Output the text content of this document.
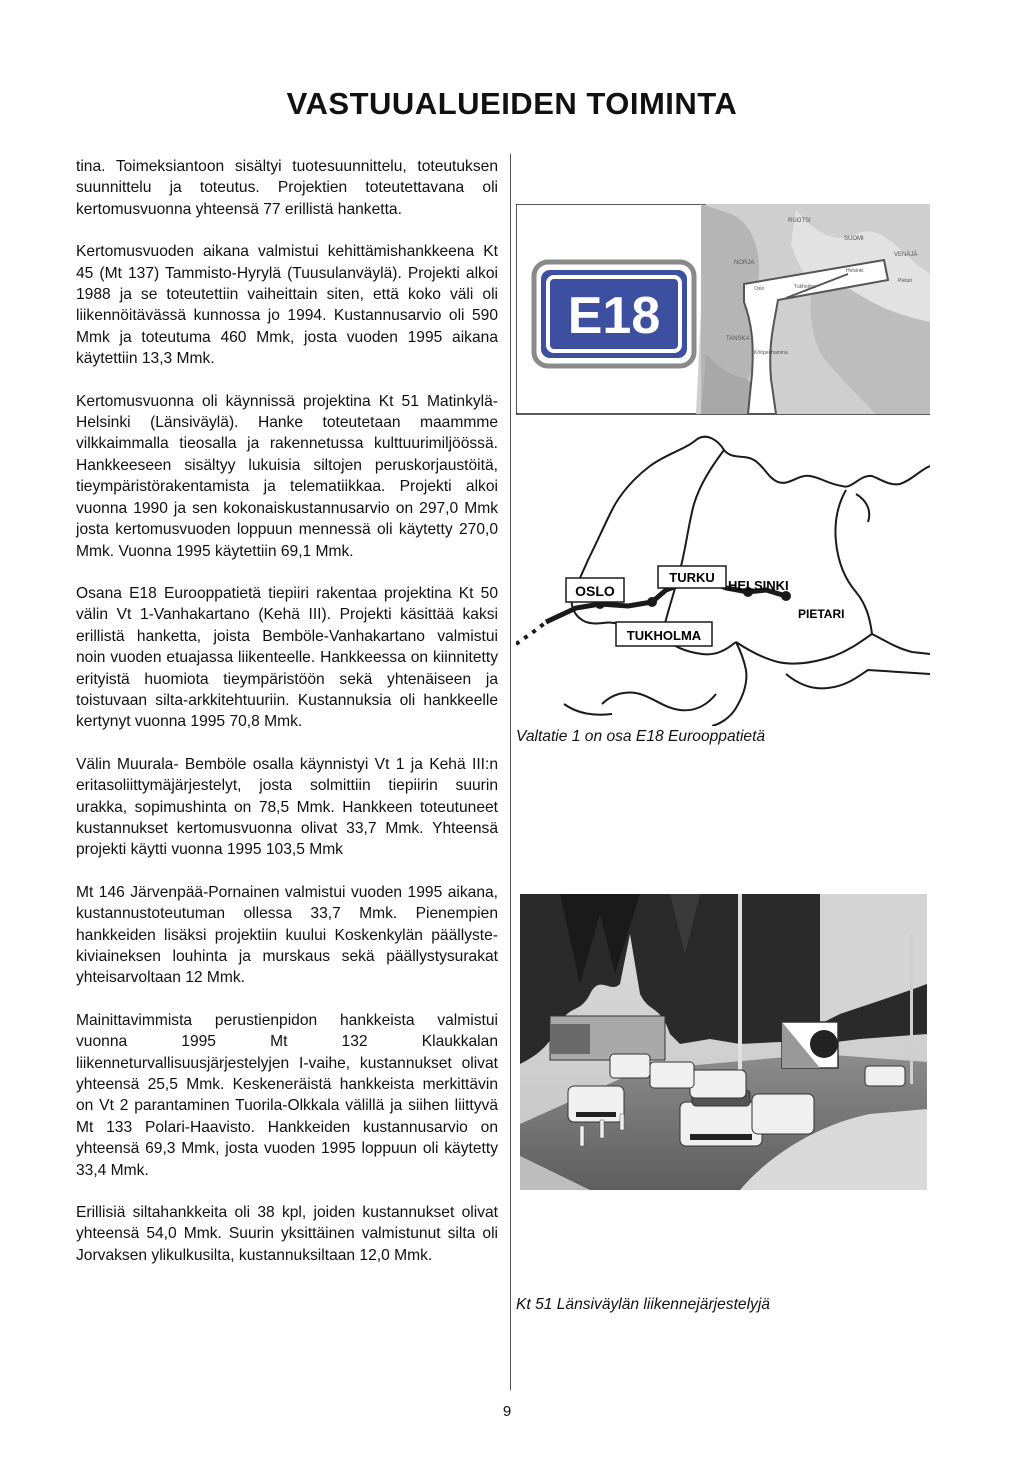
VASTUUALUEIDEN TOIMINTA

tina. Toimeksiantoon sisältyi tuotesuunnittelu, toteutuksen suunnittelu ja toteutus. Projektien toteutettavana oli kertomusvuonna yhteensä 77 erillistä hanketta.

Kertomusvuoden aikana valmistui kehittämishankkeena Kt 45 (Mt 137) Tammisto-Hyrylä (Tuusulanväylä). Projekti alkoi 1988 ja se toteutettiin vaiheittain siten, että koko väli oli liikennöitävässä kunnossa jo 1994. Kustannusarvio oli 590 Mmk ja toteutuma 460 Mmk, josta vuoden 1995 aikana käytettiin 13,3 Mmk.

Kertomusvuonna oli käynnissä projektina Kt 51 Matinkylä-Helsinki (Länsiväylä). Hanke toteutetaan maammme vilkkaimmalla tieosalla ja rakennetussa kulttuurimiljöössä. Hankkeeseen sisältyy lukuisia siltojen peruskorjaustöitä, tieympäristörakentamista ja telematiikkaa. Projekti alkoi vuonna 1990 ja sen kokonaiskustannusarvio on 297,0 Mmk josta kertomusvuoden loppuun mennessä oli käytetty 270,0 Mmk. Vuonna 1995 käytettiin 69,1 Mmk.

Osana E18 Eurooppatietä tiepiiri rakentaa projektina Kt 50 välin Vt 1-Vanhakartano (Kehä III). Projekti käsittää kaksi erillistä hanketta, joista Bemböle-Vanhakartano valmistui noin vuoden etuajassa liikenteelle. Hankkeessa on kiinnitetty erityistä huomiota tieympäristöön sekä yhtenäiseen ja toistuvaan silta-arkkitehtuuriin. Kustannuksia oli hankkeelle kertynyt vuonna 1995 70,8 Mmk.

Välin Muurala- Bemböle osalla käynnistyi Vt 1 ja Kehä III:n eritasoliittymäjärjestelyt, josta solmittiin tiepiirin suurin urakka, sopimushinta on 78,5 Mmk. Hankkeen toteutuneet kustannukset kertomusvuonna olivat 33,7 Mmk. Yhteensä projekti käytti vuonna 1995 103,5 Mmk

Mt 146 Järvenpää-Pornainen valmistui vuoden 1995 aikana, kustannustoteutuman ollessa 33,7 Mmk. Pienempien hankkeiden lisäksi projektiin kuului Koskenkylän päällyste- kiviaineksen louhinta ja murskaus sekä päällystysurakat yhteisarvoltaan 12 Mmk.

Mainittavimmista perustienpidon hankkeista valmistui vuonna 1995 Mt 132 Klaukkalan liikenneturvallisuusjärjestelyjen I-vaihe, kustannukset olivat yhteensä 25,5 Mmk. Keskeneräistä hankkeista merkittävin on Vt 2 parantaminen Tuorila-Olkkala välillä ja siihen liittyvä Mt 133 Polari-Haavisto. Hankkeiden kustannusarvio on yhteensä 69,3 Mmk, josta vuoden 1995 loppuun oli käytetty 33,4 Mmk.

Erillisiä siltahankkeita oli 38 kpl, joiden kustannukset olivat yhteensä 54,0 Mmk. Suurin yksittäinen valmistunut silta oli Jorvaksen ylikulkusilta, kustannuksiltaan 12,0 Mmk.

RUOTSI
SUOMI
NORJA
VENÄJÄ
TANSKA
Oslo
Helsinki
Pietari
Tukholma
Kööpenhamina
E18
OSLO
TURKU
HELSINKI
TUKHOLMA
PIETARI

Valtatie 1 on osa E18 Eurooppatietä

Kt 51 Länsiväylän liikennejärjestelyjä

9
